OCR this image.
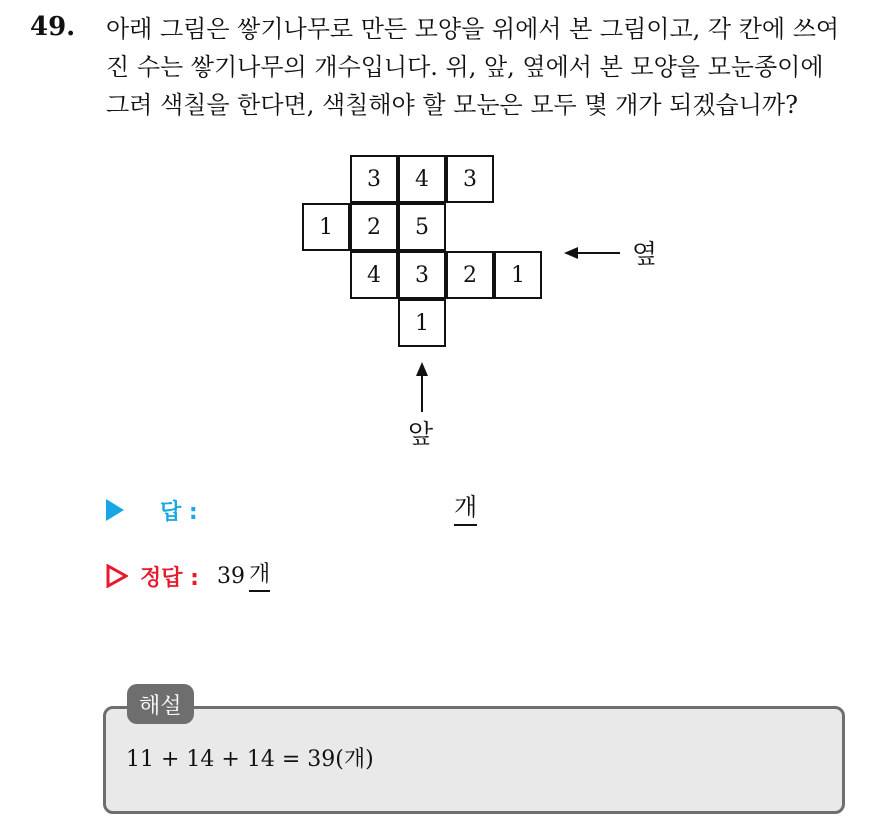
49. 아래 그림은 쌓기나무로 만든 모양을 위에서 본 그림이고, 각 칸에 쓰여
진 수는 쌓기나무의 개수입니다. 위, 앞, 옆에서 본 모양을 모눈종이에
그려 색칠을 한다면, 색칠해야 할 모눈은 모두 몇 개가 되겠습니까?
3	4	3
1	2	5
4	3	2	1
1
옆
앞
답 :	개
정답 : 39 개
해설
11 + 14 + 14 = 39(개)
